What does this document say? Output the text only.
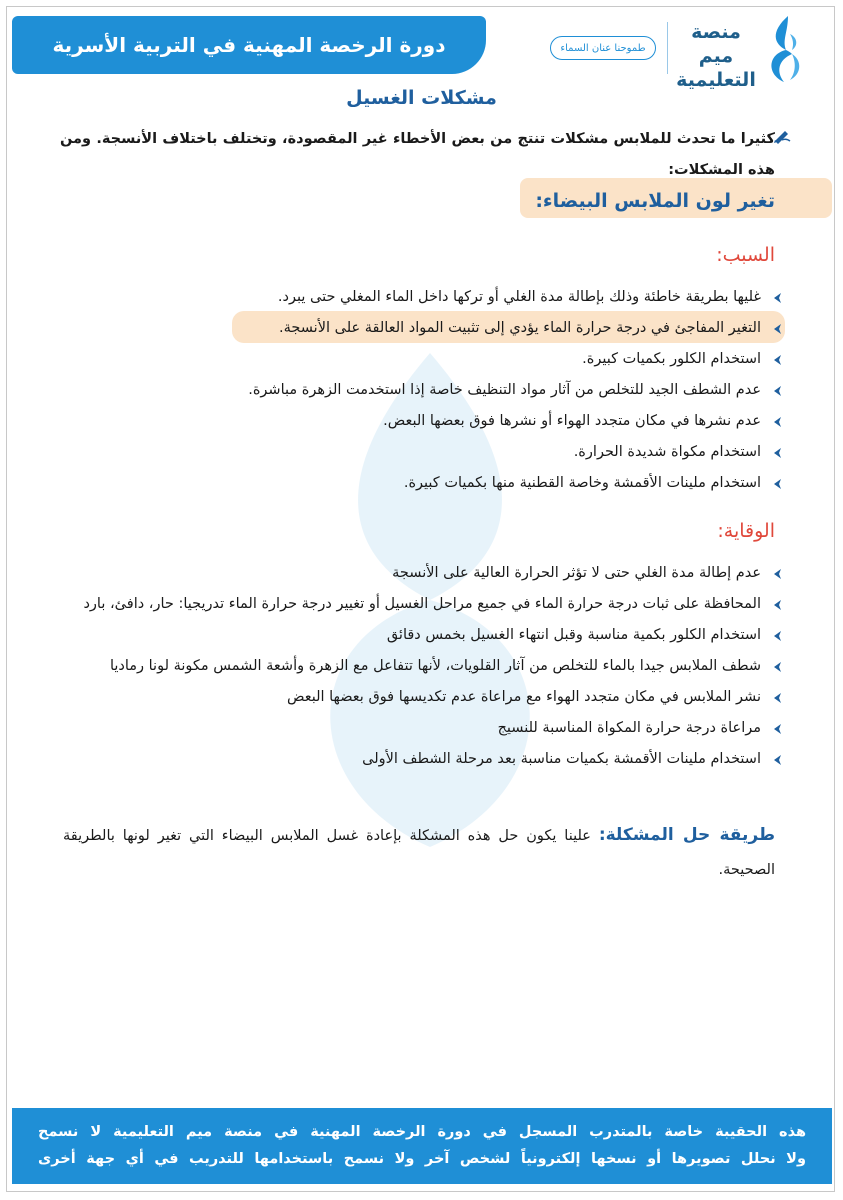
دورة الرخصة المهنية في التربية الأسرية	طموحنا عنان السماء
منصة ميم
التعليمية
مشكلات الغسيل
كثيرا ما تحدث للملابس مشكلات تنتج من بعض الأخطاء غير المقصودة، وتختلف باختلاف الأنسجة. ومن هذه المشكلات:
تغير لون الملابس البيضاء:
السبب:
غليها بطريقة خاطئة وذلك بإطالة مدة الغلي أو تركها داخل الماء المغلي حتى يبرد.
التغير المفاجئ في درجة حرارة الماء يؤدي إلى تثبيت المواد العالقة على الأنسجة.
استخدام الكلور بكميات كبيرة.
عدم الشطف الجيد للتخلص من آثار مواد التنظيف خاصة إذا استخدمت الزهرة مباشرة.
عدم نشرها في مكان متجدد الهواء أو نشرها فوق بعضها البعض.
استخدام مكواة شديدة الحرارة.
استخدام ملينات الأقمشة وخاصة القطنية منها بكميات كبيرة.
الوقاية:
عدم إطالة مدة الغلي حتى لا تؤثر الحرارة العالية على الأنسجة
المحافظة على ثبات درجة حرارة الماء في جميع مراحل الغسيل أو تغيير درجة حرارة الماء تدريجيا: حار، دافئ، بارد
استخدام الكلور بكمية مناسبة وقبل انتهاء الغسيل بخمس دقائق
شطف الملابس جيدا بالماء للتخلص من آثار القلويات، لأنها تتفاعل مع الزهرة وأشعة الشمس مكونة لونا رماديا
نشر الملابس في مكان متجدد الهواء مع مراعاة عدم تكديسها فوق بعضها البعض
مراعاة درجة حرارة المكواة المناسبة للنسيج
استخدام ملينات الأقمشة بكميات مناسبة بعد مرحلة الشطف الأولى
طريقة حل المشكلة: علينا يكون حل هذه المشكلة بإعادة غسل الملابس البيضاء التي تغير لونها بالطريقة الصحيحة.
هذه الحقيبة خاصة بالمتدرب المسجل في دورة الرخصة المهنية في منصة ميم التعليمية لا نسمح
ولا نحلل تصويرها أو نسخها إلكترونياً لشخص آخر ولا نسمح باستخدامها للتدريب في أي جهة أخرى
